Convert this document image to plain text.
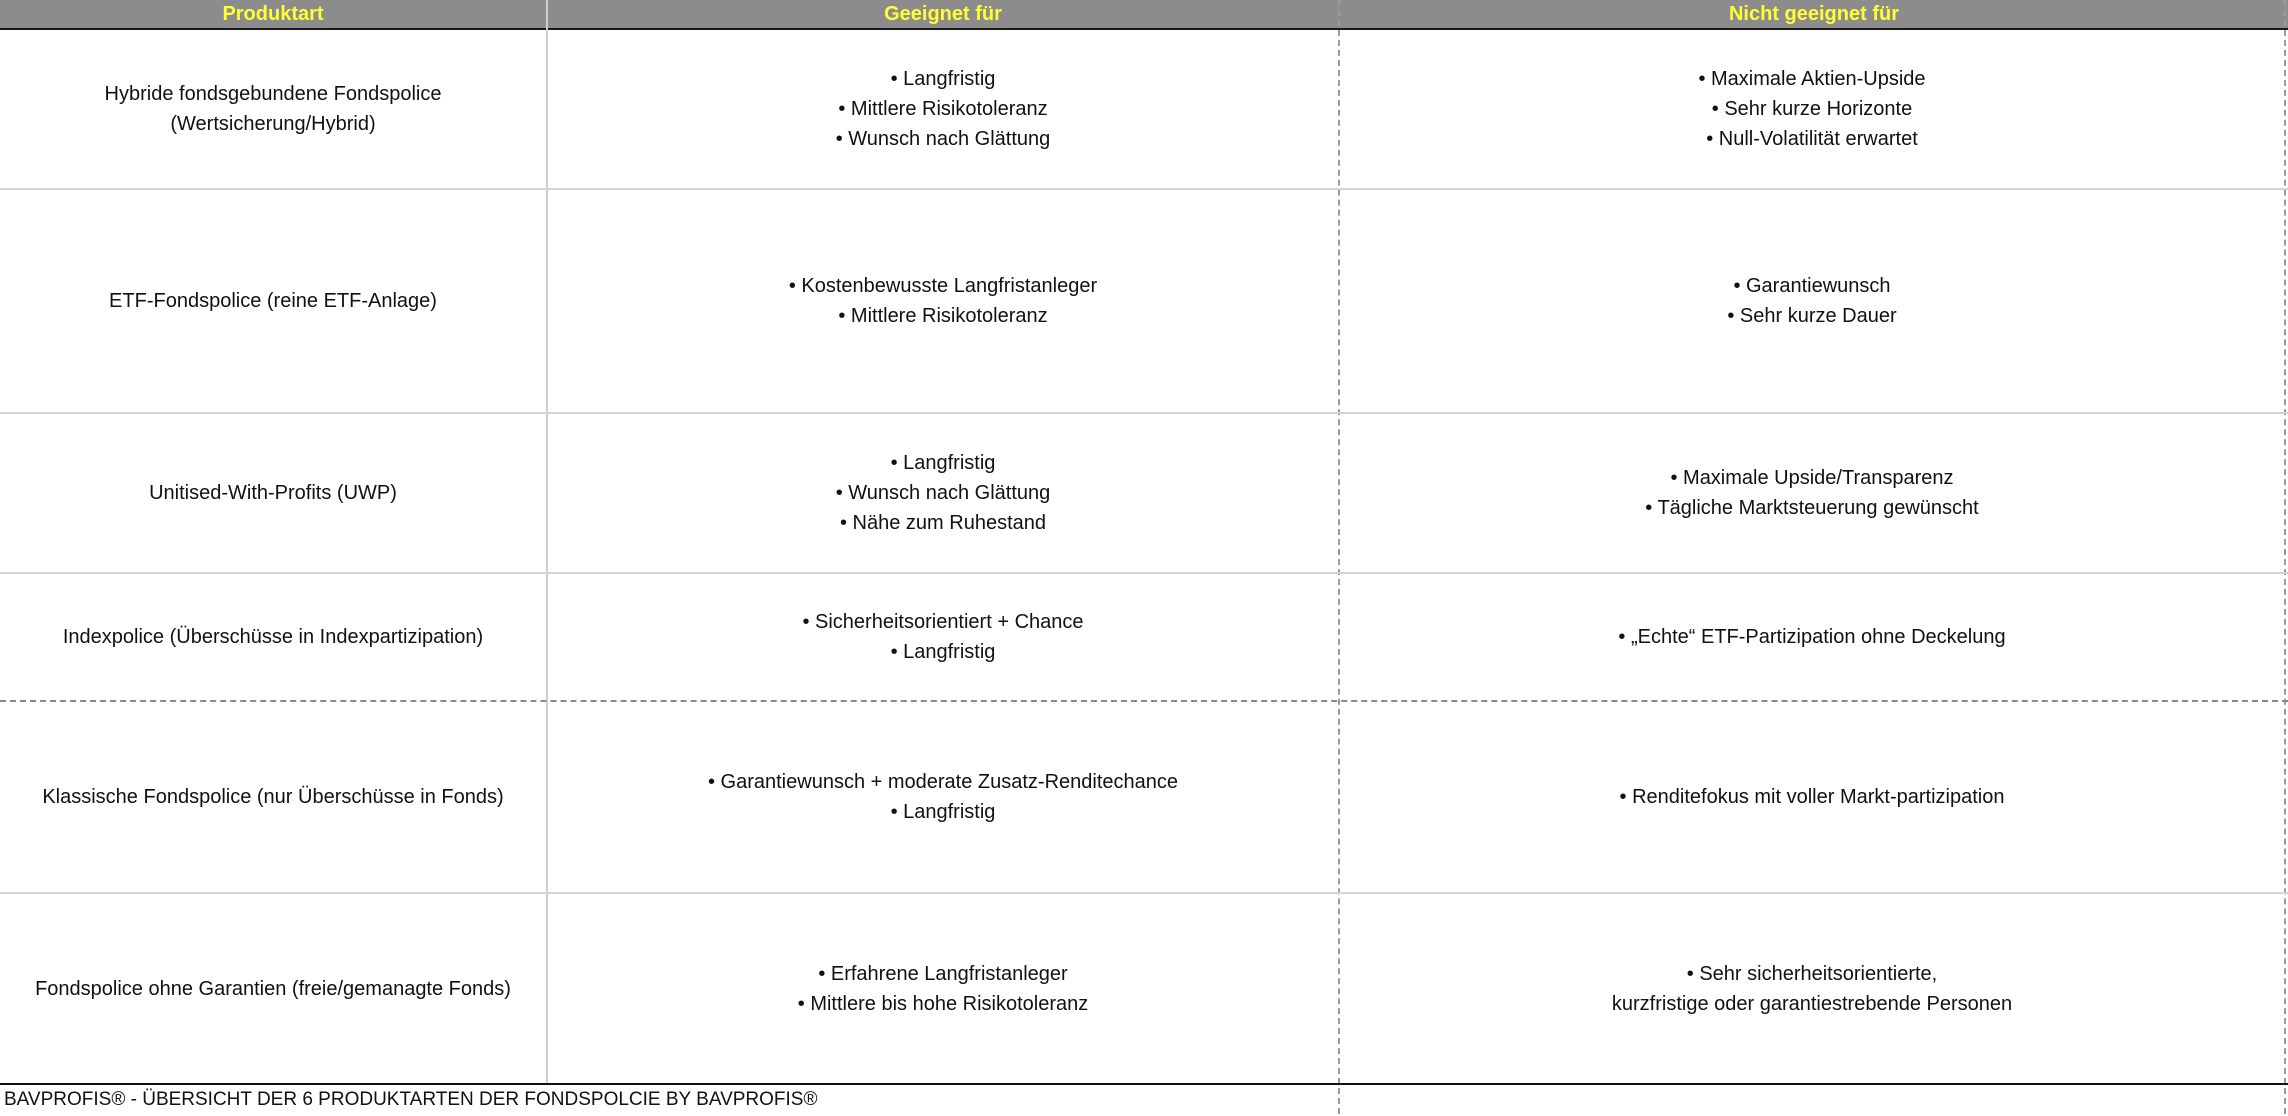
Produktart	Geeignet für	Nicht geeignet für
Hybride fondsgebundene Fondspolice
(Wertsicherung/Hybrid)
• Langfristig
• Mittlere Risikotoleranz
• Wunsch nach Glättung
• Maximale Aktien-Upside
• Sehr kurze Horizonte
• Null-Volatilität erwartet
ETF-Fondspolice (reine ETF-Anlage)
• Kostenbewusste Langfristanleger
• Mittlere Risikotoleranz
• Garantiewunsch
• Sehr kurze Dauer
Unitised-With-Profits (UWP)
• Langfristig
• Wunsch nach Glättung
• Nähe zum Ruhestand
• Maximale Upside/Transparenz
• Tägliche Marktsteuerung gewünscht
Indexpolice (Überschüsse in Indexpartizipation)
• Sicherheitsorientiert + Chance
• Langfristig
• „Echte“ ETF-Partizipation ohne Deckelung
Klassische Fondspolice (nur Überschüsse in Fonds)
• Garantiewunsch + moderate Zusatz-Renditechance
• Langfristig
• Renditefokus mit voller Markt-partizipation
Fondspolice ohne Garantien (freie/gemanagte Fonds)
• Erfahrene Langfristanleger
• Mittlere bis hohe Risikotoleranz
• Sehr sicherheitsorientierte,
kurzfristige oder garantiestrebende Personen
BAVPROFIS® - ÜBERSICHT DER 6 PRODUKTARTEN DER FONDSPOLCIE BY BAVPROFIS®
